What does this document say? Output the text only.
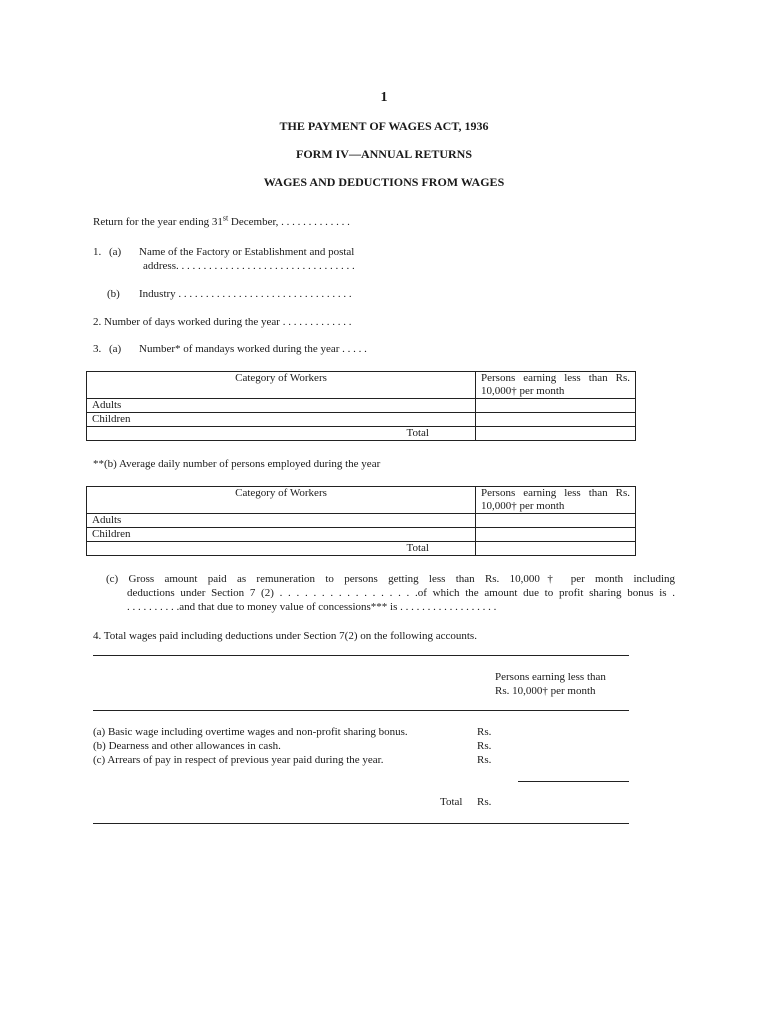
1
THE PAYMENT OF WAGES ACT, 1936
FORM IV—ANNUAL RETURNS
WAGES AND DEDUCTIONS FROM WAGES
Return for the year ending 31st December, . . . . . . . . . . . . .
1. (a) Name of the Factory or Establishment and postal
address. . . . . . . . . . . . . . . . . . . . . . . . . . . . . . . . .
(b) Industry . . . . . . . . . . . . . . . . . . . . . . . . . . . . . . . .
2. Number of days worked during the year . . . . . . . . . . . . .
3. (a) Number* of mandays worked during the year . . . . .
Category of Workers	Persons earning less than Rs. 10,000† per month
Adults	
Children	
Total	
**(b) Average daily number of persons employed during the year
Category of Workers	Persons earning less than Rs. 10,000† per month
Adults	
Children	
Total	
(c) Gross amount paid as remuneration to persons getting less than Rs. 10,000† per month including
deductions under Section 7 (2) . . . . . . . . . . . . . . . . .of which the amount due to profit sharing bonus is .
. . . . . . . . . .and that due to money value of concessions*** is . . . . . . . . . . . . . . . . . .
4. Total wages paid including deductions under Section 7(2) on the following accounts.
Persons earning less than
Rs. 10,000† per month
(a) Basic wage including overtime wages and non-profit sharing bonus.	Rs.
(b) Dearness and other allowances in cash.	Rs.
(c) Arrears of pay in respect of previous year paid during the year.	Rs.
Total Rs.
